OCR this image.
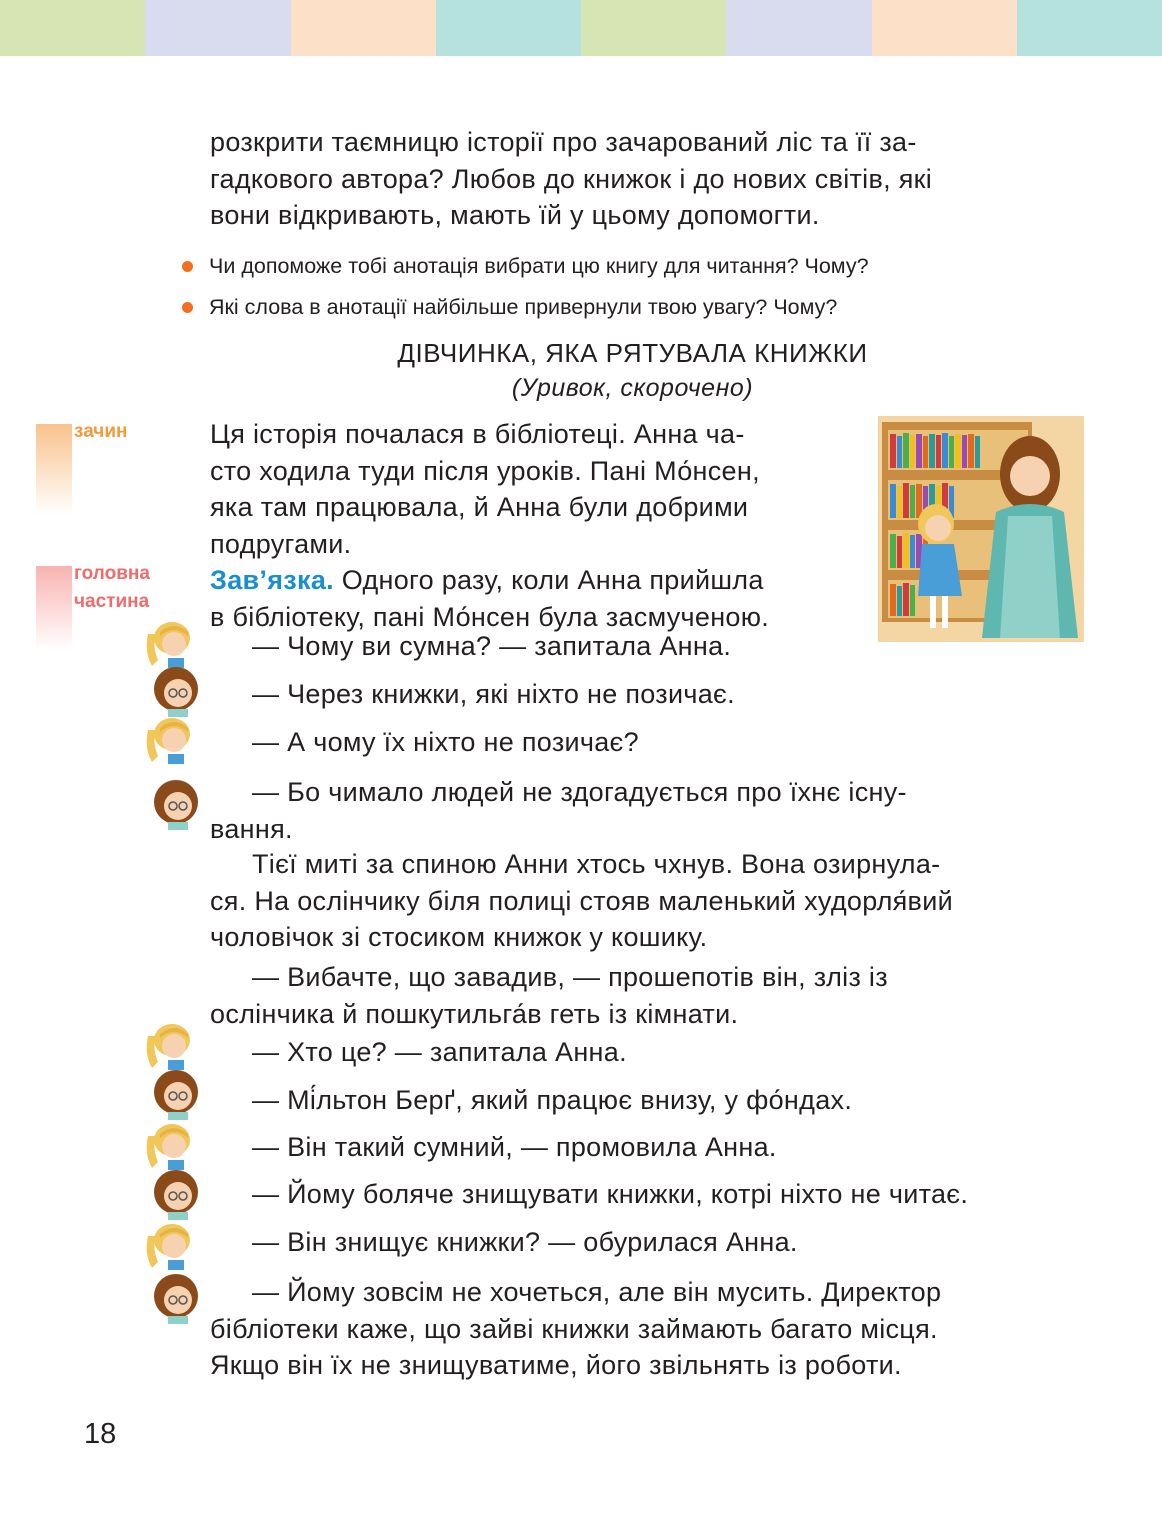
розкрити таємницю історії про зачарований ліс та її за-

гадкового автора? Любов до книжок і до нових світів, які

вони відкривають, мають їй у цьому допомогти.

Чи допоможе тобі анотація вибрати цю книгу для читання? Чому?
Які слова в анотації найбільше привернули твою увагу? Чому?
ДІВЧИНКА, ЯКА РЯТУВАЛА КНИЖКИ
(Уривок, скорочено)
зачин
головна
частина

Ця історія почалася в бібліотеці. Анна ча-

сто ходила туди після уроків. Пані Мо́нсен,

яка там працювала, й Анна були добрими

подругами.

Зав’язка. Одного разу, коли Анна прийшла

в бібліотеку, пані Мо́нсен була засмученою.

— Чому ви сумна? — запитала Анна.
— Через книжки, які ніхто не позичає.
— А чому їх ніхто не позичає?

— Бо чимало людей не здогадується про їхнє існу-

вання.

Тієї миті за спиною Анни хтось чхнув. Вона озирнула-

ся. На ослінчику біля полиці стояв маленький худорля́вий

чоловічок зі стосиком книжок у кошику.

— Вибачте, що завадив, — прошепотів він, зліз із

ослінчика й пошкутильга́в геть із кімнати.

— Хто це? — запитала Анна.
— Мі́льтон Берґ, який працює внизу, у фо́ндах.
— Він такий сумний, — промовила Анна.
— Йому боляче знищувати книжки, котрі ніхто не читає.
— Він знищує книжки? — обурилася Анна.

— Йому зовсім не хочеться, але він мусить. Директор

бібліотеки каже, що зайві книжки займають багато місця.

Якщо він їх не знищуватиме, його звільнять із роботи.

18
